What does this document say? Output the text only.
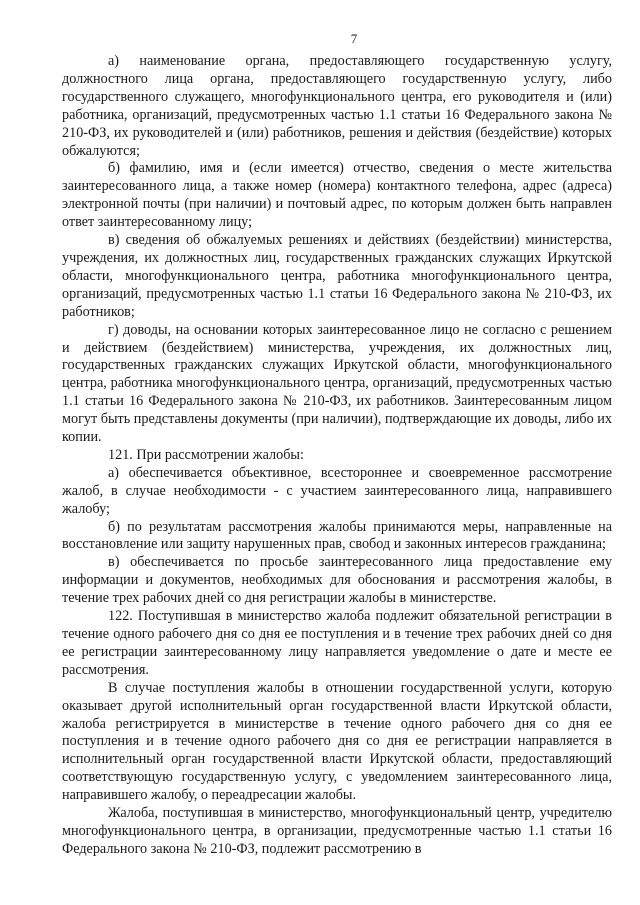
7

а) наименование органа, предоставляющего государственную услугу, должностного лица органа, предоставляющего государственную услугу, либо государственного служащего, многофункционального центра, его руководителя и (или) работника, организаций, предусмотренных частью 1.1 статьи 16 Федерального закона № 210-ФЗ, их руководителей и (или) работников, решения и действия (бездействие) которых обжалуются;

б) фамилию, имя и (если имеется) отчество, сведения о месте жительства заинтересованного лица, а также номер (номера) контактного телефона, адрес (адреса) электронной почты (при наличии) и почтовый адрес, по которым должен быть направлен ответ заинтересованному лицу;

в) сведения об обжалуемых решениях и действиях (бездействии) министерства, учреждения, их должностных лиц, государственных гражданских служащих Иркутской области, многофункционального центра, работника многофункционального центра, организаций, предусмотренных частью 1.1 статьи 16 Федерального закона № 210-ФЗ, их работников;

г) доводы, на основании которых заинтересованное лицо не согласно с решением и действием (бездействием) министерства, учреждения, их должностных лиц, государственных гражданских служащих Иркутской области, многофункционального центра, работника многофункционального центра, организаций, предусмотренных частью 1.1 статьи 16 Федерального закона № 210-ФЗ, их работников. Заинтересованным лицом могут быть представлены документы (при наличии), подтверждающие их доводы, либо их копии.

121. При рассмотрении жалобы:

а) обеспечивается объективное, всестороннее и своевременное рассмотрение жалоб, в случае необходимости - с участием заинтересованного лица, направившего жалобу;

б) по результатам рассмотрения жалобы принимаются меры, направленные на восстановление или защиту нарушенных прав, свобод и законных интересов гражданина;

в) обеспечивается по просьбе заинтересованного лица предоставление ему информации и документов, необходимых для обоснования и рассмотрения жалобы, в течение трех рабочих дней со дня регистрации жалобы в министерстве.

122. Поступившая в министерство жалоба подлежит обязательной регистрации в течение одного рабочего дня со дня ее поступления и в течение трех рабочих дней со дня ее регистрации заинтересованному лицу направляется уведомление о дате и месте ее рассмотрения.

В случае поступления жалобы в отношении государственной услуги, которую оказывает другой исполнительный орган государственной власти Иркутской области, жалоба регистрируется в министерстве в течение одного рабочего дня со дня ее поступления и в течение одного рабочего дня со дня ее регистрации направляется в исполнительный орган государственной власти Иркутской области, предоставляющий соответствующую государственную услугу, с уведомлением заинтересованного лица, направившего жалобу, о переадресации жалобы.

Жалоба, поступившая в министерство, многофункциональный центр, учредителю многофункционального центра, в организации, предусмотренные частью 1.1 статьи 16 Федерального закона № 210-ФЗ, подлежит рассмотрению в
